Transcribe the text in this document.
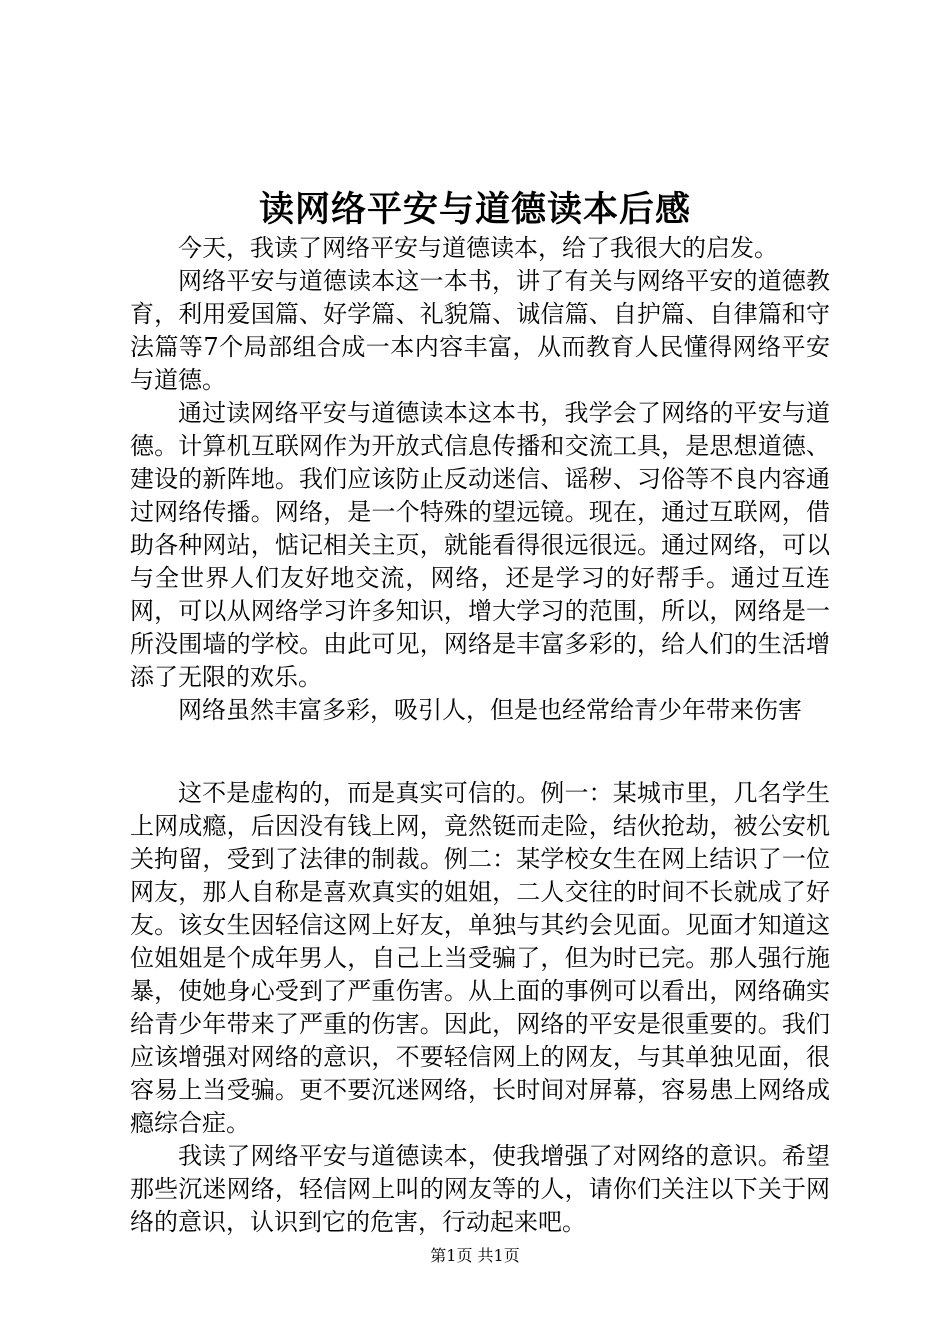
读网络平安与道德读本后感

今天，我读了网络平安与道德读本，给了我很大的启发。

网络平安与道德读本这一本书，讲了有关与网络平安的道德教育，利用爱国篇、好学篇、礼貌篇、诚信篇、自护篇、自律篇和守法篇等7个局部组合成一本内容丰富，从而教育人民懂得网络平安与道德。

通过读网络平安与道德读本这本书，我学会了网络的平安与道德。计算机互联网作为开放式信息传播和交流工具，是思想道德、建设的新阵地。我们应该防止反动迷信、谣秽、习俗等不良内容通过网络传播。网络，是一个特殊的望远镜。现在，通过互联网，借助各种网站，惦记相关主页，就能看得很远很远。通过网络，可以与全世界人们友好地交流，网络，还是学习的好帮手。通过互连网，可以从网络学习许多知识，增大学习的范围，所以，网络是一所没围墙的学校。由此可见，网络是丰富多彩的，给人们的生活增添了无限的欢乐。

网络虽然丰富多彩，吸引人，但是也经常给青少年带来伤害

这不是虚构的，而是真实可信的。例一：某城市里，几名学生上网成瘾，后因没有钱上网，竟然铤而走险，结伙抢劫，被公安机关拘留，受到了法律的制裁。例二：某学校女生在网上结识了一位网友，那人自称是喜欢真实的姐姐，二人交往的时间不长就成了好友。该女生因轻信这网上好友，单独与其约会见面。见面才知道这位姐姐是个成年男人，自己上当受骗了，但为时已完。那人强行施暴，使她身心受到了严重伤害。从上面的事例可以看出，网络确实给青少年带来了严重的伤害。因此，网络的平安是很重要的。我们应该增强对网络的意识，不要轻信网上的网友，与其单独见面，很容易上当受骗。更不要沉迷网络，长时间对屏幕，容易患上网络成瘾综合症。

我读了网络平安与道德读本，使我增强了对网络的意识。希望那些沉迷网络，轻信网上叫的网友等的人，请你们关注以下关于网络的意识，认识到它的危害，行动起来吧。

第1页 共1页
